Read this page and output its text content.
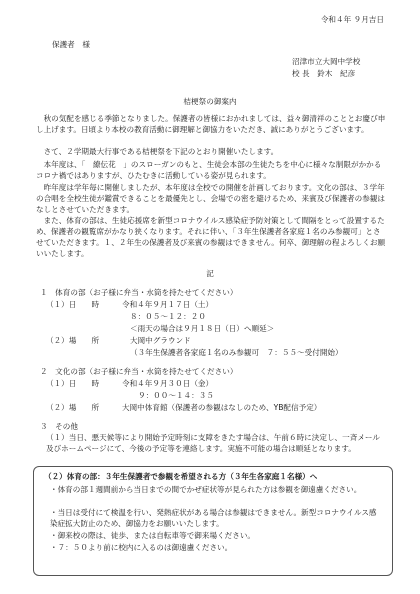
令和４年 ９月吉日
保護者　様
沼津市立大岡中学校
校 長　鈴木　紀彦
桔梗祭の御案内
　秋の気配を感じる季節となりました。保護者の皆様におかれましては、益々御清祥のこととお慶び申し上げます。日頃より本校の教育活動に御理解と御協力をいただき、誠にありがとうございます。
　さて、２学期最大行事である桔梗祭を下記のとおり開催いたします。
　本年度は、「　繚伝花　」のスローガンのもと、生徒会本部の生徒たちを中心に様々な制限がかかるコロナ禍ではありますが、ひたむきに活動している姿が見られます。
　昨年度は学年毎に開催しましたが、本年度は全校での開催を計画しております。文化の部は、３学年の合唱を全校生徒が鑑賞できることを最優先とし、会場での密を避けるため、来賓及び保護者の参観はなしとさせていただきます。
　また、体育の部は、生徒応援席を新型コロナウイルス感染症予防対策として間隔をとって設置するため、保護者の観覧席がかなり狭くなります。それに伴い、「３年生保護者各家庭１名のみ参観可」とさせていただきます。１、２年生の保護者及び来賓の参観はできません。何卒、御理解の程よろしくお願いいたします。
記
１　体育の部（お子様に弁当・水筒を持たせてください）
（１）日　　時	令和４年９月１７日（土）
８：０５～１２：２０
＜雨天の場合は９月１８日（日）へ順延＞
（２）場　　所	大岡中グラウンド
（３年生保護者各家庭１名のみ参観可　７：５５～受付開始）
２　文化の部（お子様に弁当・水筒を持たせてください）
（１）日　　時	令和４年９月３０日（金）
９：００～１４：３５
（２）場　　所	大岡中体育館（保護者の参観はなしのため、YB配信予定）
３　その他
（１）当日、悪天候等により開始予定時刻に支障をきたす場合は、午前６時に決定し、一斉メール及びホームページにて、今後の予定等を連絡します。実施不可能の場合は順延となります。
（２）体育の部：３年生保護者で参観を希望される方（３年生各家庭１名様）へ
・体育の部１週間前から当日までの間でかぜ症状等が見られた方は参観を御遠慮ください。
・当日は受付にて検温を行い、発熱症状がある場合は参観はできません。新型コロナウイルス感染症拡大防止のため、御協力をお願いいたします。
・御来校の際は、徒歩、または自転車等で御来場ください。
・７：５０より前に校内に入るのは御遠慮ください。
